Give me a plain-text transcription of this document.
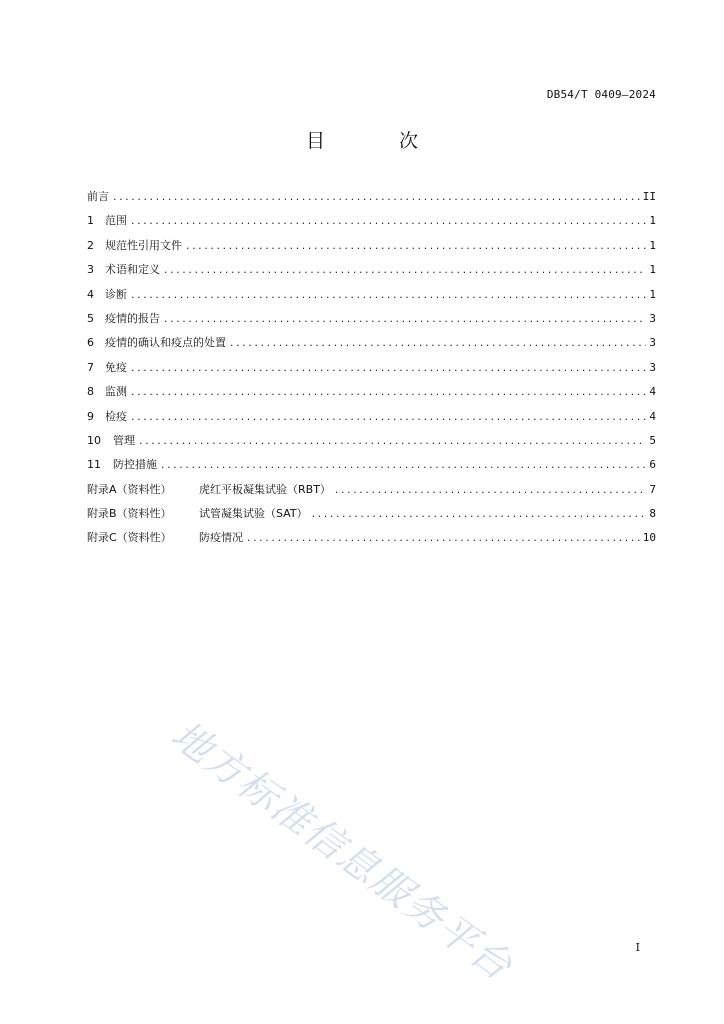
DB54/T 0409—2024
目 次
前言 . . .	II
1	范围 . . .	1
2	规范性引用文件 . . .	1
3	术语和定义 . . .	1
4	诊断 . . .	1
5	疫情的报告 . . .	3
6	疫情的确认和疫点的处置 . . .	3
7	免疫 . . .	3
8	监测 . . .	4
9	检疫 . . .	4
10	管理 . . .	5
11	防控措施 . . .	6
附录A（资料性）	虎红平板凝集试验（RBT） . . .	7
附录B（资料性）	试管凝集试验（SAT） . . .	8
附录C（资料性）	防疫情况 . . .	10
地方标准信息服务平台	I
